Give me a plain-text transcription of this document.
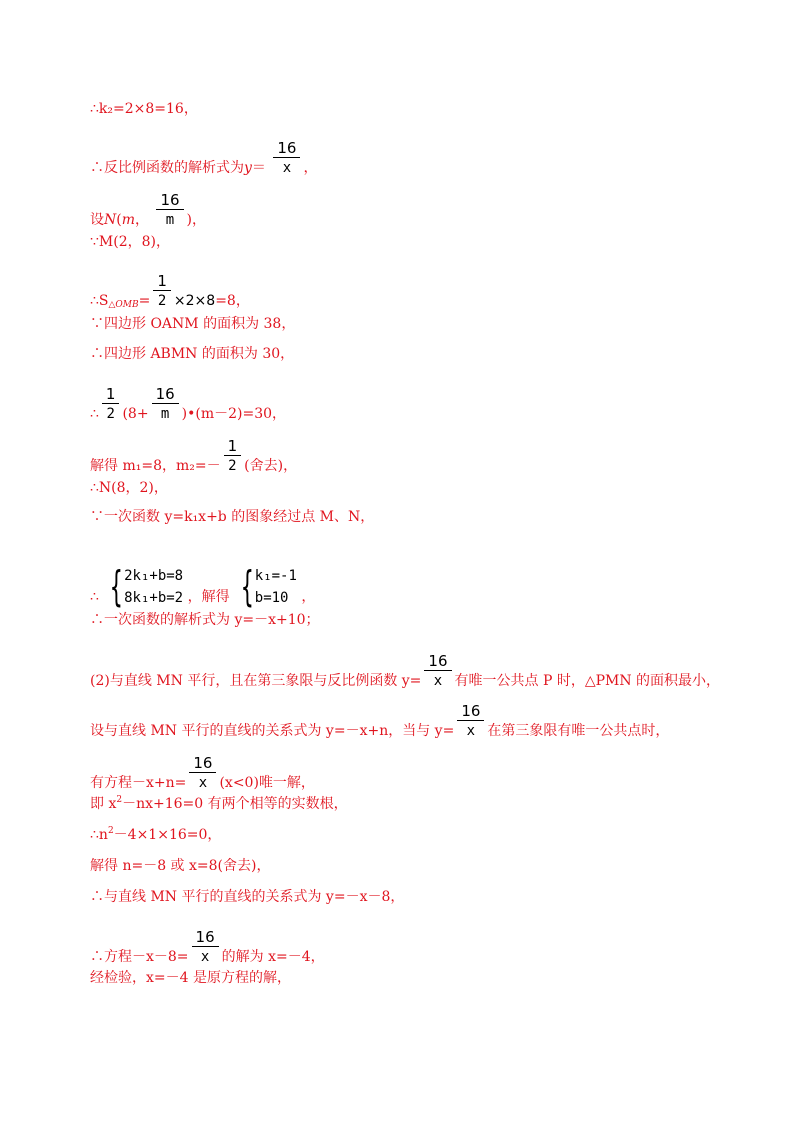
∴k₂=2×8=16，
∴反比例函数的解析式为$y= \frac{16}{x}$ ，
设N(m， $\frac{16}{m}$ )，
∵M(2，8)，
$\therefore S_{\triangle OMB}= \frac{1}{2} \times 2\times 8=8$，
∵四边形 OANM 的面积为 38，
∴四边形 ABMN 的面积为 30，
∴ $\frac{1}{2} (8+ \frac{16}{m}$ )•(m－2)=30，
解得 m₁=8，$m_2=- \frac{1}{2}$ (舍去)，
∴N(8，2)，
∵一次函数 y=k₁x+b 的图象经过点 M、N，
∴ { 2k₁+b=8
8k₁+b=2 ，解得 { k₁=-1
b=10 ，
∴一次函数的解析式为 y=－x+10；
(2)与直线 MN 平行，且在第三象限与反比例函数 $y= \frac{16}{x}$ 有唯一公共点 P 时，△PMN 的面积最小，
设与直线 MN 平行的直线的关系式为 y=－x+n，当与 $y= \frac{16}{x}$ 在第三象限有唯一公共点时，
有方程$-x+n= \frac{16}{x} (x<0)$唯一解，
即 $x^2-nx+16=0$ 有两个相等的实数根，
$\therefore n^2-4\times 1\times 16=0$，
解得 n=－8 或 x=8(舍去)，
∴与直线 MN 平行的直线的关系式为 y=－x－8，
∴方程$-x-8= \frac{16}{x}$ 的解为 x=－4，
经检验，x=－4 是原方程的解，
